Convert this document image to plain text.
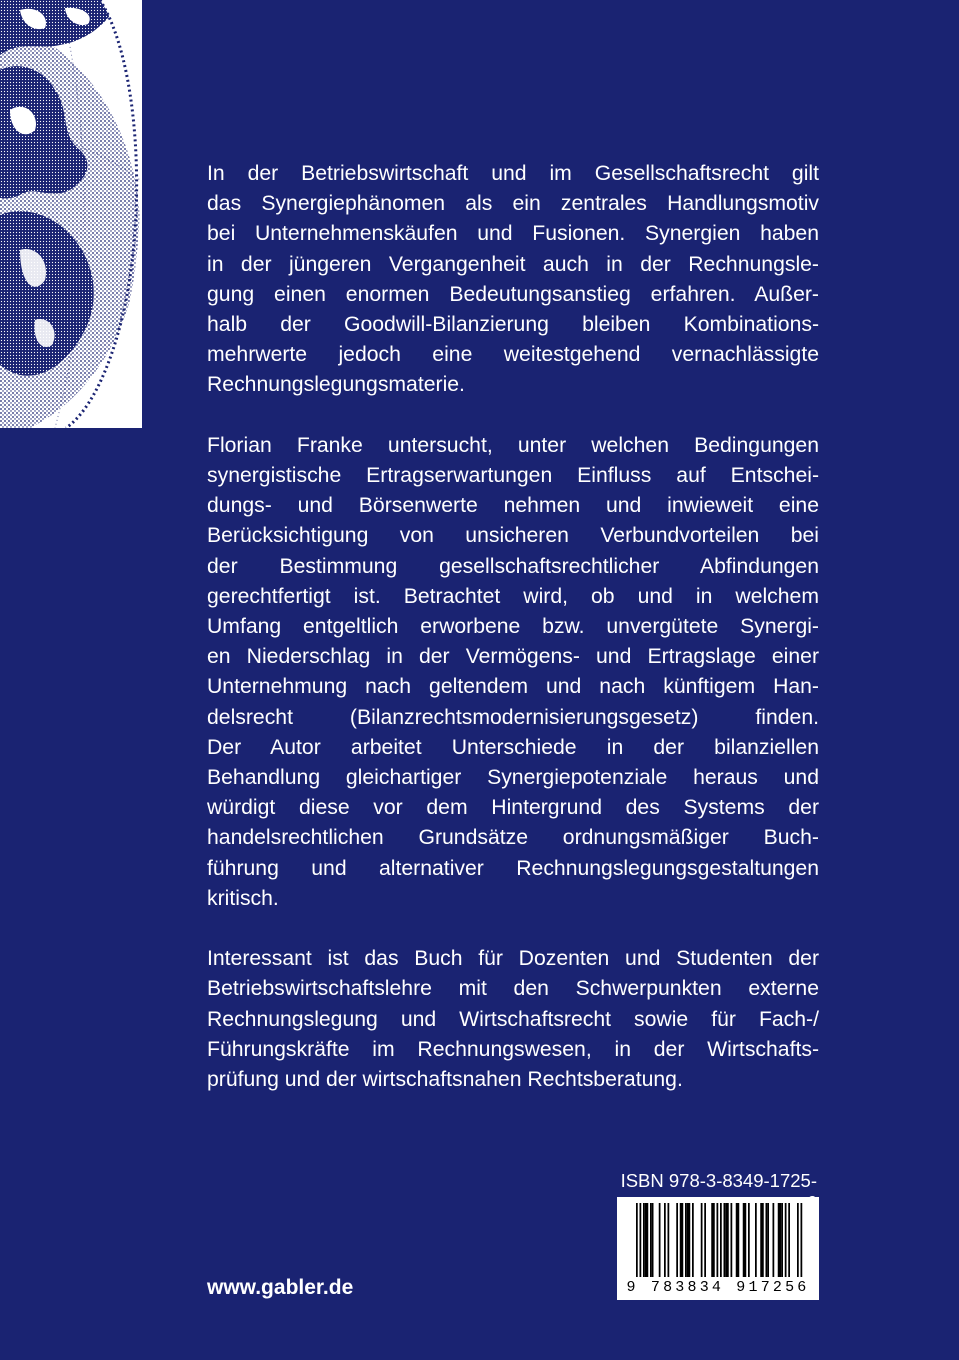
In der Betriebswirtschaft und im Gesellschaftsrecht gilt
das Synergiephänomen als ein zentrales Handlungsmotiv
bei Unternehmenskäufen und Fusionen. Synergien haben
in der jüngeren Vergangenheit auch in der Rechnungsle-
gung einen enormen Bedeutungsanstieg erfahren. Außer-
halb der Goodwill-Bilanzierung bleiben Kombinations-
mehrwerte jedoch eine weitestgehend vernachlässigte
Rechnungslegungsmaterie.

Florian Franke untersucht, unter welchen Bedingungen
synergistische Ertragserwartungen Einfluss auf Entschei-
dungs- und Börsenwerte nehmen und inwieweit eine
Berücksichtigung von unsicheren Verbundvorteilen bei
der Bestimmung gesellschaftsrechtlicher Abfindungen
gerechtfertigt ist. Betrachtet wird, ob und in welchem
Umfang entgeltlich erworbene bzw. unvergütete Synergi-
en Niederschlag in der Vermögens- und Ertragslage einer
Unternehmung nach geltendem und nach künftigem Han-
delsrecht (Bilanzrechtsmodernisierungsgesetz) finden.
Der Autor arbeitet Unterschiede in der bilanziellen
Behandlung gleichartiger Synergiepotenziale heraus und
würdigt diese vor dem Hintergrund des Systems der
handelsrechtlichen Grundsätze ordnungsmäßiger Buch-
führung und alternativer Rechnungslegungsgestaltungen
kritisch.

Interessant ist das Buch für Dozenten und Studenten der
Betriebswirtschaftslehre mit den Schwerpunkten externe
Rechnungslegung und Wirtschaftsrecht sowie für Fach-/
Führungskräfte im Rechnungswesen, in der Wirtschafts-
prüfung und der wirtschaftsnahen Rechtsberatung.

ISBN 978-3-8349-1725-
9 783834 917256
www.gabler.de
